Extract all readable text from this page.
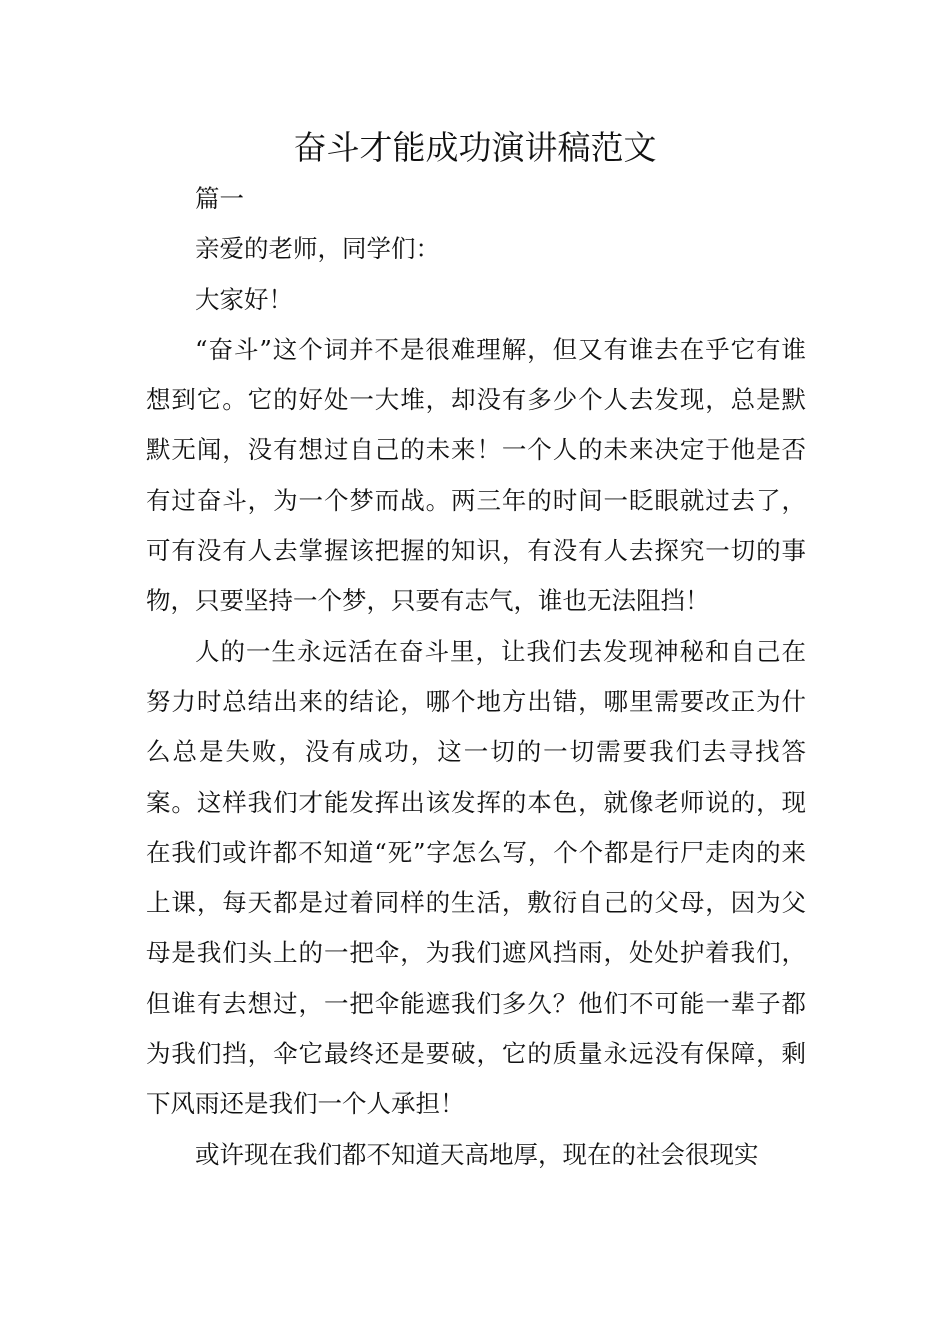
奋斗才能成功演讲稿范文

篇一

亲爱的老师，同学们：

大家好！

“奋斗”这个词并不是很难理解，但又有谁去在乎它有谁想到它。它的好处一大堆，却没有多少个人去发现，总是默默无闻，没有想过自己的未来！一个人的未来决定于他是否有过奋斗，为一个梦而战。两三年的时间一眨眼就过去了，可有没有人去掌握该把握的知识，有没有人去探究一切的事物，只要坚持一个梦，只要有志气，谁也无法阻挡！

人的一生永远活在奋斗里，让我们去发现神秘和自己在努力时总结出来的结论，哪个地方出错，哪里需要改正为什么总是失败，没有成功，这一切的一切需要我们去寻找答案。这样我们才能发挥出该发挥的本色，就像老师说的，现在我们或许都不知道“死”字怎么写，个个都是行尸走肉的来上课，每天都是过着同样的生活，敷衍自己的父母，因为父母是我们头上的一把伞，为我们遮风挡雨，处处护着我们，但谁有去想过，一把伞能遮我们多久？他们不可能一辈子都为我们挡，伞它最终还是要破，它的质量永远没有保障，剩下风雨还是我们一个人承担！

或许现在我们都不知道天高地厚，现在的社会很现实
